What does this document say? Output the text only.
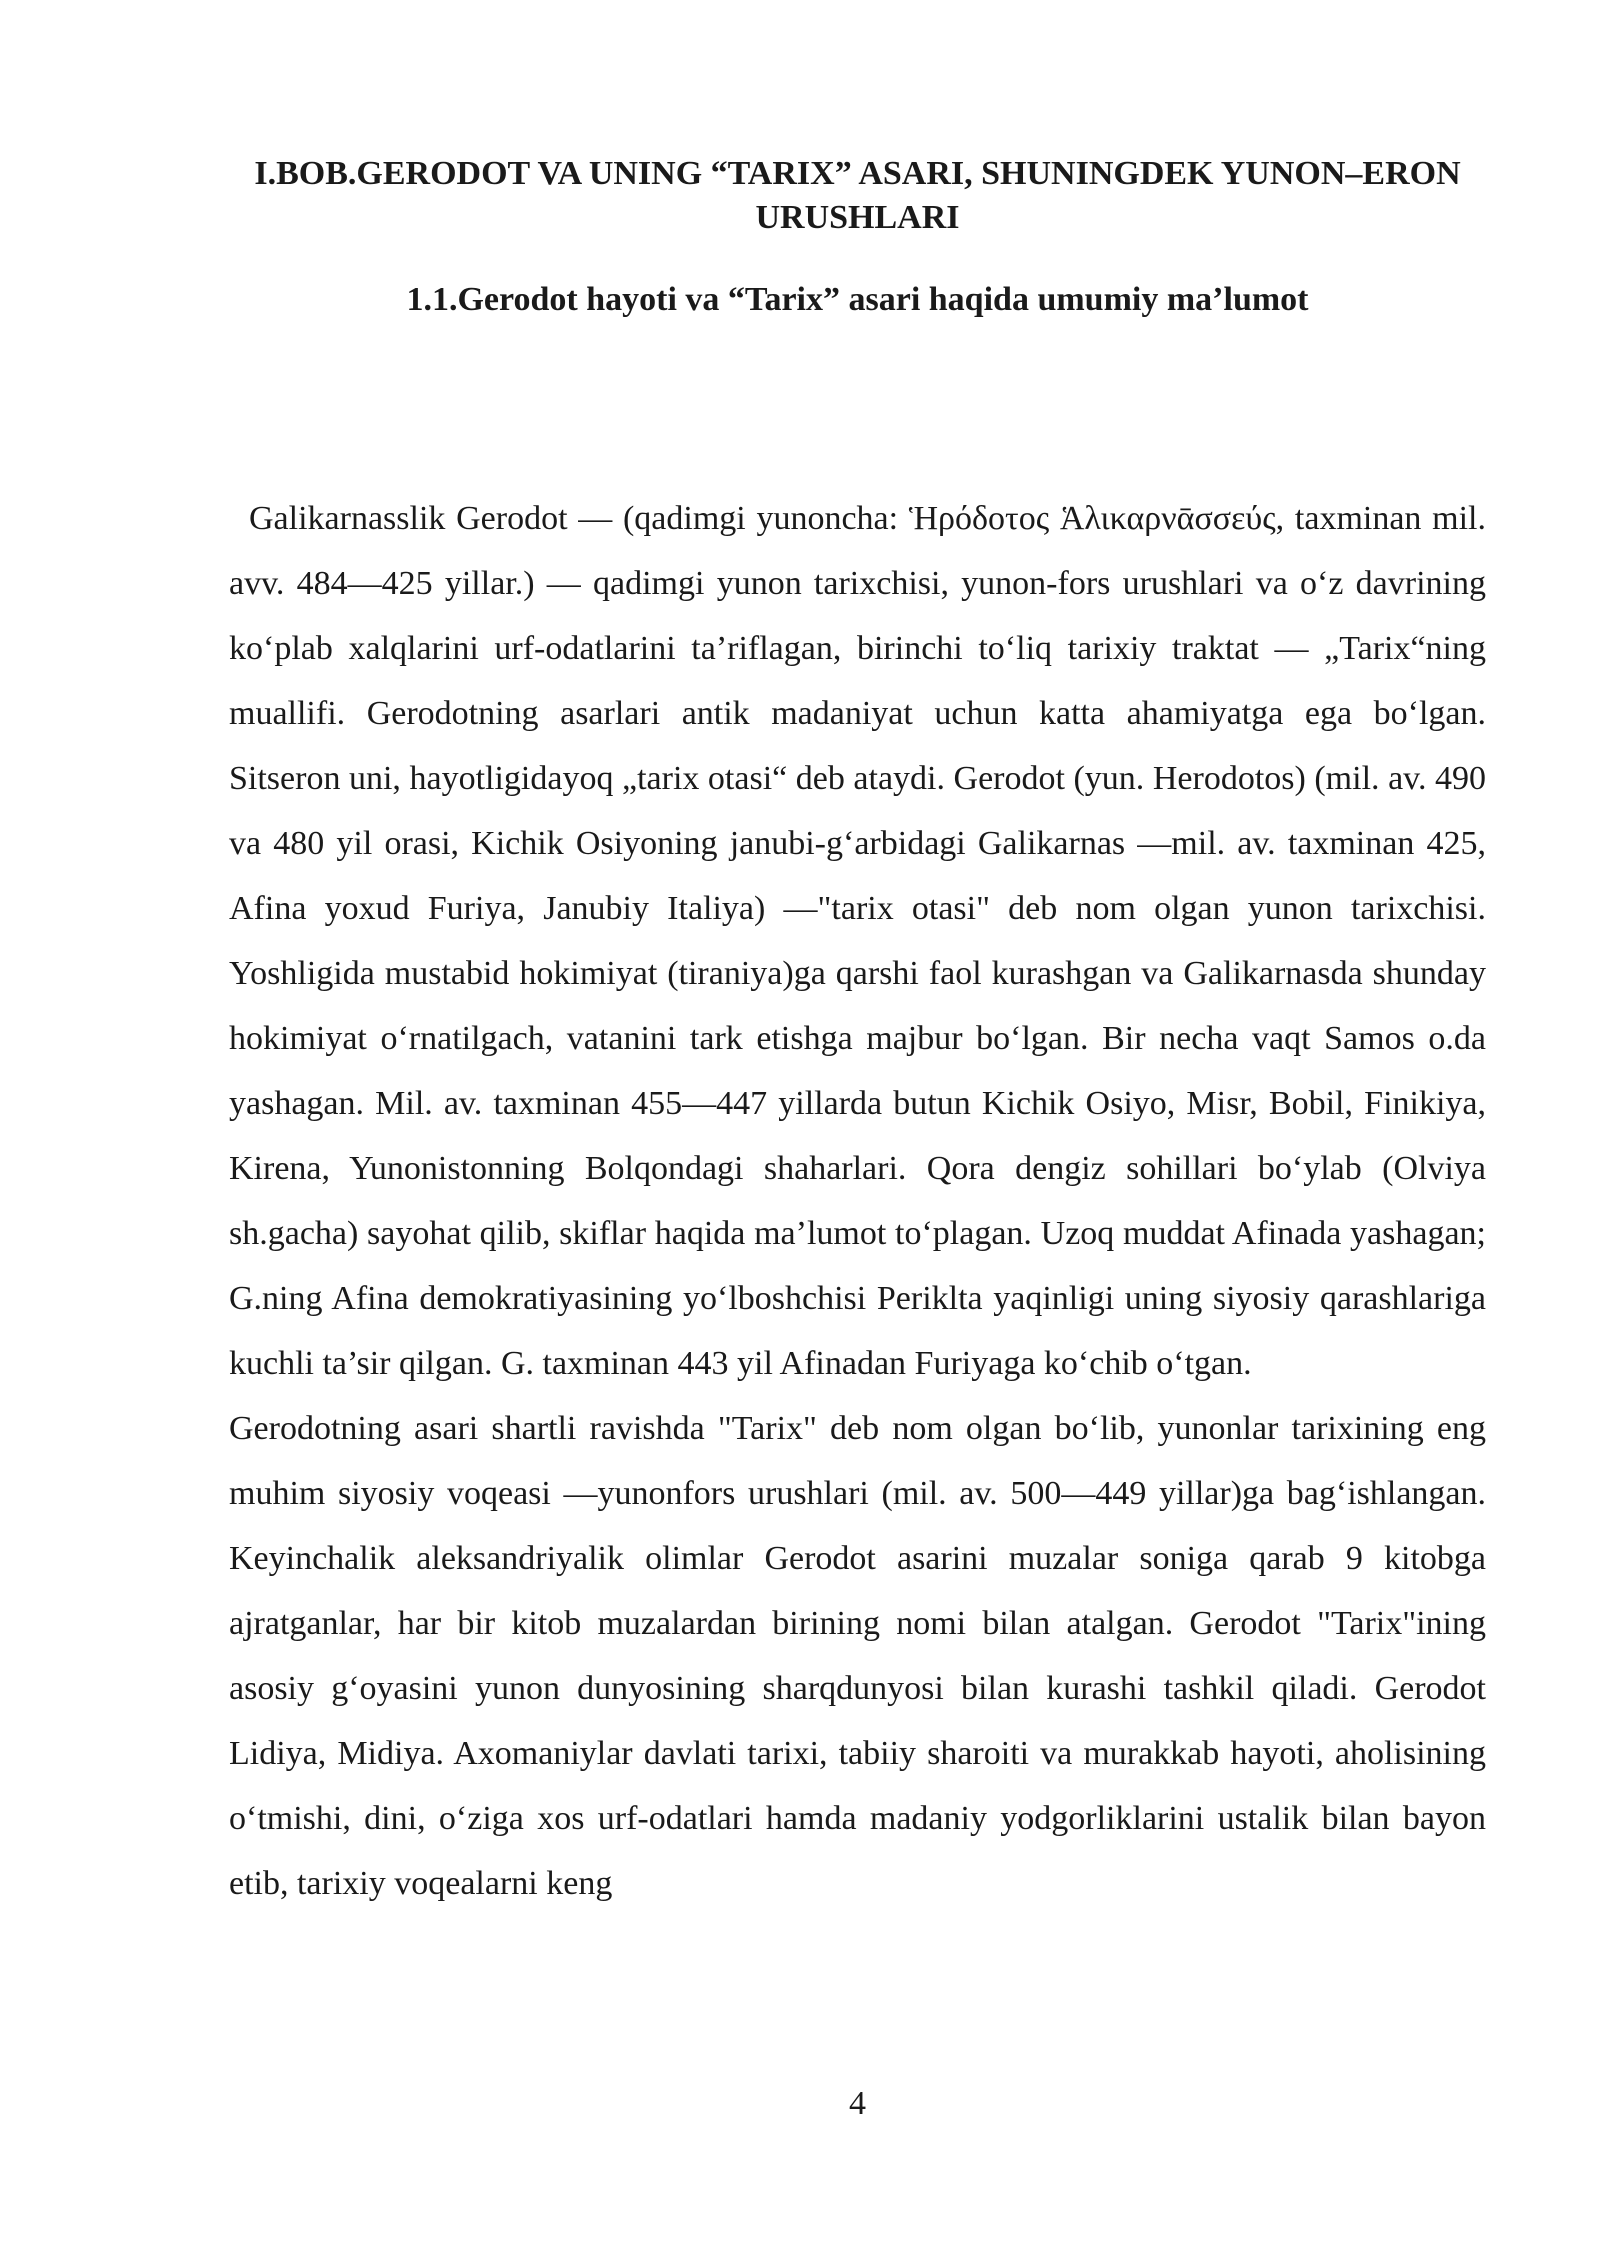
I.BOB.GERODOT VA UNING “TARIX” ASARI, SHUNINGDEK YUNON–ERON URUSHLARI
1.1.Gerodot hayoti va “Tarix” asari haqida umumiy ma’lumot

Galikarnasslik Gerodot — (qadimgi yunoncha: Ἡρόδοτος Ἁλικαρνᾱσσεύς, taxminan mil. avv. 484—425 yillar.) — qadimgi yunon tarixchisi, yunon-fors urushlari va o‘z davrining ko‘plab xalqlarini urf-odatlarini ta’riflagan, birinchi to‘liq tarixiy traktat — „Tarix“ning muallifi. Gerodotning asarlari antik madaniyat uchun katta ahamiyatga ega bo‘lgan. Sitseron uni, hayotligidayoq „tarix otasi“ deb ataydi. Gerodot (yun. Herodotos) (mil. av. 490 va 480 yil orasi, Kichik Osiyoning janubi-g‘arbidagi Galikarnas —mil. av. taxminan 425, Afina yoxud Furiya, Janubiy Italiya) —"tarix otasi" deb nom olgan yunon tarixchisi. Yoshligida mustabid hokimiyat (tiraniya)ga qarshi faol kurashgan va Galikarnasda shunday hokimiyat o‘rnatilgach, vatanini tark etishga majbur bo‘lgan. Bir necha vaqt Samos o.da yashagan. Mil. av. taxminan 455—447 yillarda butun Kichik Osiyo, Misr, Bobil, Finikiya, Kirena, Yunonistonning Bolqondagi shaharlari. Qora dengiz sohillari bo‘ylab (Olviya sh.gacha) sayohat qilib, skiflar haqida ma’lumot to‘plagan. Uzoq muddat Afinada yashagan; G.ning Afina demokratiyasining yo‘lboshchisi Periklta yaqinligi uning siyosiy qarashlariga kuchli ta’sir qilgan. G. taxminan 443 yil Afinadan Furiyaga ko‘chib o‘tgan.

Gerodotning asari shartli ravishda "Tarix" deb nom olgan bo‘lib, yunonlar tarixining eng muhim siyosiy voqeasi —yunonfors urushlari (mil. av. 500—449 yillar)ga bag‘ishlangan. Keyinchalik aleksandriyalik olimlar Gerodot asarini muzalar soniga qarab 9 kitobga ajratganlar, har bir kitob muzalardan birining nomi bilan atalgan. Gerodot "Tarix"ining asosiy g‘oyasini yunon dunyosining sharqdunyosi bilan kurashi tashkil qiladi. Gerodot Lidiya, Midiya. Axomaniylar davlati tarixi, tabiiy sharoiti va murakkab hayoti, aholisining o‘tmishi, dini, o‘ziga xos urf-odatlari hamda madaniy yodgorliklarini ustalik bilan bayon etib, tarixiy voqealarni keng

4
